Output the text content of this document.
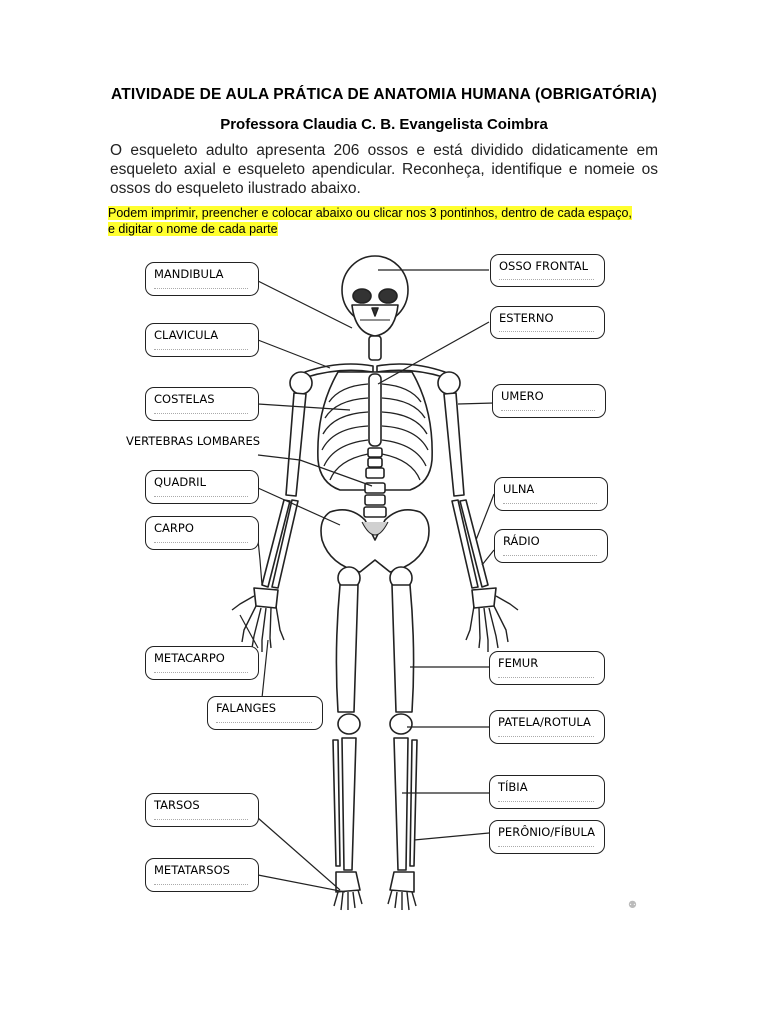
ATIVIDADE DE AULA PRÁTICA DE ANATOMIA HUMANA (OBRIGATÓRIA)
Professora Claudia C. B. Evangelista Coimbra
O esqueleto adulto apresenta 206 ossos e está dividido didaticamente em esqueleto axial e esqueleto apendicular. Reconheça, identifique e nomeie os ossos do esqueleto ilustrado abaixo.
Podem imprimir, preencher e colocar abaixo ou clicar nos 3 pontinhos, dentro de cada espaço,
e digitar o nome de cada parte
MANDIBULA
CLAVICULA
COSTELAS
VERTEBRAS LOMBARES
QUADRIL
CARPO
METACARPO
FALANGES
TARSOS
METATARSOS
OSSO FRONTAL
ESTERNO
UMERO
ULNA
RÁDIO
FEMUR
PATELA/ROTULA
TÍBIA
PERÔNIO/FÍBULA
⚉
